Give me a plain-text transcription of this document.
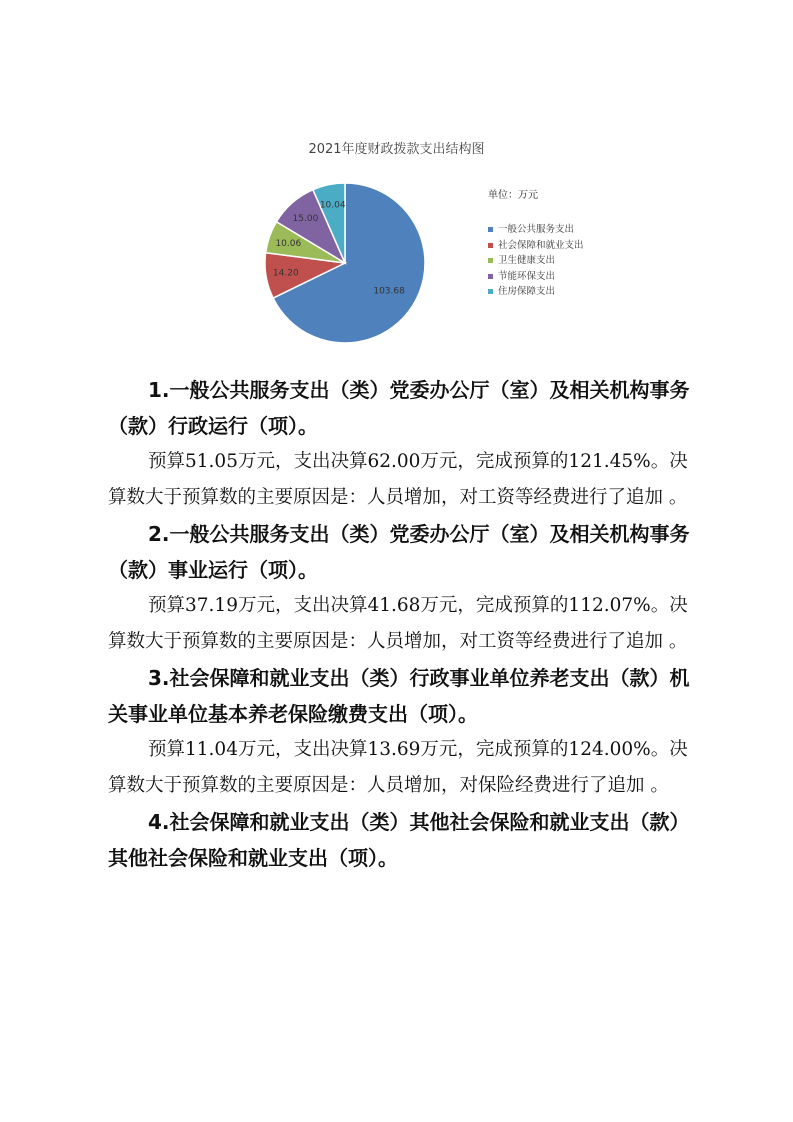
2021年度财政拨款支出结构图
103.68
14.20
10.06
15.00
10.04
单位：万元
一般公共服务支出
社会保障和就业支出
卫生健康支出
节能环保支出
住房保障支出

1.一般公共服务支出（类）党委办公厅（室）及相关机构事务（款）行政运行（项）。

预算51.05万元，支出决算62.00万元，完成预算的121.45%。决算数大于预算数的主要原因是：人员增加，对工资等经费进行了追加 。

2.一般公共服务支出（类）党委办公厅（室）及相关机构事务（款）事业运行（项）。

预算37.19万元，支出决算41.68万元，完成预算的112.07%。决算数大于预算数的主要原因是：人员增加，对工资等经费进行了追加 。

3.社会保障和就业支出（类）行政事业单位养老支出（款）机关事业单位基本养老保险缴费支出（项）。

预算11.04万元，支出决算13.69万元，完成预算的124.00%。决算数大于预算数的主要原因是：人员增加，对保险经费进行了追加 。

4.社会保障和就业支出（类）其他社会保险和就业支出（款）其他社会保险和就业支出（项）。
